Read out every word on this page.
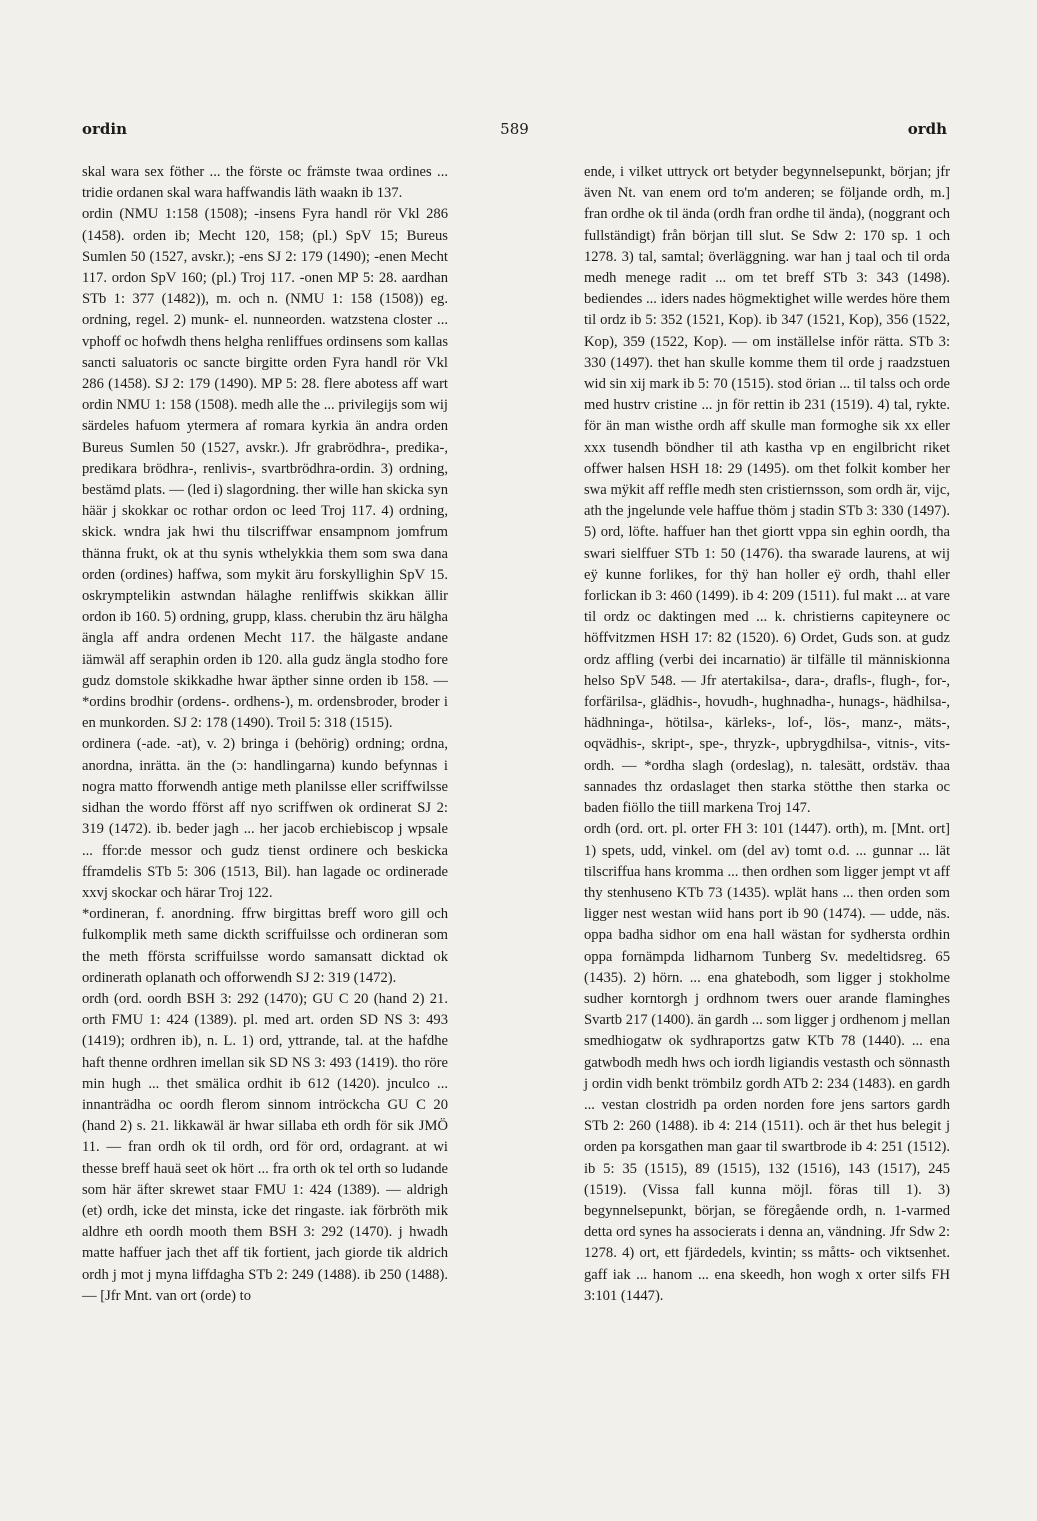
ordin	589	ordh

skal wara sex föther ... the förste oc främste twaa ordines ... tridie ordanen skal wara haffwandis läth waakn ib 137.

ordin (NMU 1:158 (1508); -insens Fyra handl rör Vkl 286 (1458). orden ib; Mecht 120, 158; (pl.) SpV 15; Bureus Sumlen 50 (1527, avskr.); -ens SJ 2: 179 (1490); -enen Mecht 117. ordon SpV 160; (pl.) Troj 117. -onen MP 5: 28. aardhan STb 1: 377 (1482)), m. och n. (NMU 1: 158 (1508)) eg. ordning, regel. 2) munk- el. nunneorden. watzstena closter ... vphoff oc hofwdh thens helgha renliffues ordinsens som kallas sancti saluatoris oc sancte birgitte orden Fyra handl rör Vkl 286 (1458). SJ 2: 179 (1490). MP 5: 28. flere abotess aff wart ordin NMU 1: 158 (1508). medh alle the ... privilegijs som wij särdeles hafuom ytermera af romara kyrkia än andra orden Bureus Sumlen 50 (1527, avskr.). Jfr grabrödhra-, predika-, predikara brödhra-, renlivis-, svartbrödhra-ordin. 3) ordning, bestämd plats. — (led i) slagordning. ther wille han skicka syn häär j skokkar oc rothar ordon oc leed Troj 117. 4) ordning, skick. wndra jak hwi thu tilscriffwar ensampnom jomfrum thänna frukt, ok at thu synis wthelykkia them som swa dana orden (ordines) haffwa, som mykit äru forskyllighin SpV 15. oskrymptelikin astwndan hälaghe renliffwis skikkan ällir ordon ib 160. 5) ordning, grupp, klass. cherubin thz äru hälgha ängla aff andra ordenen Mecht 117. the hälgaste andane iämwäl aff seraphin orden ib 120. alla gudz ängla stodho fore gudz domstole skikkadhe hwar äpther sinne orden ib 158. — *ordins brodhir (ordens-. ordhens-), m. ordensbroder, broder i en munkorden. SJ 2: 178 (1490). Troil 5: 318 (1515).

ordinera (-ade. -at), v. 2) bringa i (behörig) ordning; ordna, anordna, inrätta. än the (ɔ: handlingarna) kundo befynnas i nogra matto fforwendh antige meth planilsse eller scriffwilsse sidhan the wordo fförst aff nyo scriffwen ok ordinerat SJ 2: 319 (1472). ib. beder jagh ... her jacob erchiebiscop j wpsale ... ffor:de messor och gudz tienst ordinere och beskicka fframdelis STb 5: 306 (1513, Bil). han lagade oc ordinerade xxvj skockar och härar Troj 122.

*ordineran, f. anordning. ffrw birgittas breff woro gill och fulkomplik meth same dickth scriffuilsse och ordineran som the meth fförsta scriffuilsse wordo samansatt dicktad ok ordinerath oplanath och offorwendh SJ 2: 319 (1472).

ordh (ord. oordh BSH 3: 292 (1470); GU C 20 (hand 2) 21. orth FMU 1: 424 (1389). pl. med art. orden SD NS 3: 493 (1419); ordhren ib), n. L. 1) ord, yttrande, tal. at the hafdhe haft thenne ordhren imellan sik SD NS 3: 493 (1419). tho röre min hugh ... thet smälica ordhit ib 612 (1420). jnculco ... innanträdha oc oordh flerom sinnom intröckcha GU C 20 (hand 2) s. 21. likkawäl är hwar sillaba eth ordh för sik JMÖ 11. — fran ordh ok til ordh, ord för ord, ordagrant. at wi thesse breff hauä seet ok hört ... fra orth ok tel orth so ludande som här äfter skrewet staar FMU 1: 424 (1389). — aldrigh (et) ordh, icke det minsta, icke det ringaste. iak förbröth mik aldhre eth oordh mooth them BSH 3: 292 (1470). j hwadh matte haffuer jach thet aff tik fortient, jach giorde tik aldrich ordh j mot j myna liffdagha STb 2: 249 (1488). ib 250 (1488). — [Jfr Mnt. van ort (orde) to

ende, i vilket uttryck ort betyder begynnelsepunkt, början; jfr även Nt. van enem ord to'm anderen; se följande ordh, m.] fran ordhe ok til ända (ordh fran ordhe til ända), (noggrant och fullständigt) från början till slut. Se Sdw 2: 170 sp. 1 och 1278. 3) tal, samtal; överläggning. war han j taal och til orda medh menege radit ... om tet breff STb 3: 343 (1498). bediendes ... iders nades högmektighet wille werdes höre them til ordz ib 5: 352 (1521, Kop). ib 347 (1521, Kop), 356 (1522, Kop), 359 (1522, Kop). — om inställelse inför rätta. STb 3: 330 (1497). thet han skulle komme them til orde j raadzstuen wid sin xij mark ib 5: 70 (1515). stod örian ... til talss och orde med hustrv cristine ... jn för rettin ib 231 (1519). 4) tal, rykte. för än man wisthe ordh aff skulle man formoghe sik xx eller xxx tusendh böndher til ath kastha vp en engilbricht riket offwer halsen HSH 18: 29 (1495). om thet folkit komber her swa mÿkit aff reffle medh sten cristiernsson, som ordh är, vijc, ath the jngelunde vele haffue thöm j stadin STb 3: 330 (1497). 5) ord, löfte. haffuer han thet giortt vppa sin eghin oordh, tha swari sielffuer STb 1: 50 (1476). tha swarade laurens, at wij eÿ kunne forlikes, for thÿ han holler eÿ ordh, thahl eller forlickan ib 3: 460 (1499). ib 4: 209 (1511). ful makt ... at vare til ordz oc daktingen med ... k. christierns capiteynere oc höffvitzmen HSH 17: 82 (1520). 6) Ordet, Guds son. at gudz ordz affling (verbi dei incarnatio) är tilfälle til människionna helso SpV 548. — Jfr atertakilsa-, dara-, drafls-, flugh-, for-, forfärilsa-, glädhis-, hovudh-, hughnadha-, hunags-, hädhilsa-, hädhninga-, hötilsa-, kärleks-, lof-, lös-, manz-, mäts-, oqvädhis-, skript-, spe-, thryzk-, upbrygdhilsa-, vitnis-, vits-ordh. — *ordha slagh (ordeslag), n. talesätt, ordstäv. thaa sannades thz ordaslaget then starka stötthe then starka oc baden fiöllo the tiill markena Troj 147.

ordh (ord. ort. pl. orter FH 3: 101 (1447). orth), m. [Mnt. ort] 1) spets, udd, vinkel. om (del av) tomt o.d. ... gunnar ... lät tilscriffua hans kromma ... then ordhen som ligger jempt vt aff thy stenhuseno KTb 73 (1435). wplät hans ... then orden som ligger nest westan wiid hans port ib 90 (1474). — udde, näs. oppa badha sidhor om ena hall wästan for sydhersta ordhin oppa fornämpda lidharnom Tunberg Sv. medeltidsreg. 65 (1435). 2) hörn. ... ena ghatebodh, som ligger j stokholme sudher korntorgh j ordhnom twers ouer arande flaminghes Svartb 217 (1400). än gardh ... som ligger j ordhenom j mellan smedhiogatw ok sydhraportzs gatw KTb 78 (1440). ... ena gatwbodh medh hws och iordh ligiandis vestasth och sönnasth j ordin vidh benkt trömbilz gordh ATb 2: 234 (1483). en gardh ... vestan clostridh pa orden norden fore jens sartors gardh STb 2: 260 (1488). ib 4: 214 (1511). och är thet hus belegit j orden pa korsgathen man gaar til swartbrode ib 4: 251 (1512). ib 5: 35 (1515), 89 (1515), 132 (1516), 143 (1517), 245 (1519). (Vissa fall kunna möjl. föras till 1). 3) begynnelsepunkt, början, se föregående ordh, n. 1-varmed detta ord synes ha associerats i denna an, vändning. Jfr Sdw 2: 1278. 4) ort, ett fjärdedels, kvintin; ss måtts- och viktsenhet. gaff iak ... hanom ... ena skeedh, hon wogh x orter silfs FH 3:101 (1447).
